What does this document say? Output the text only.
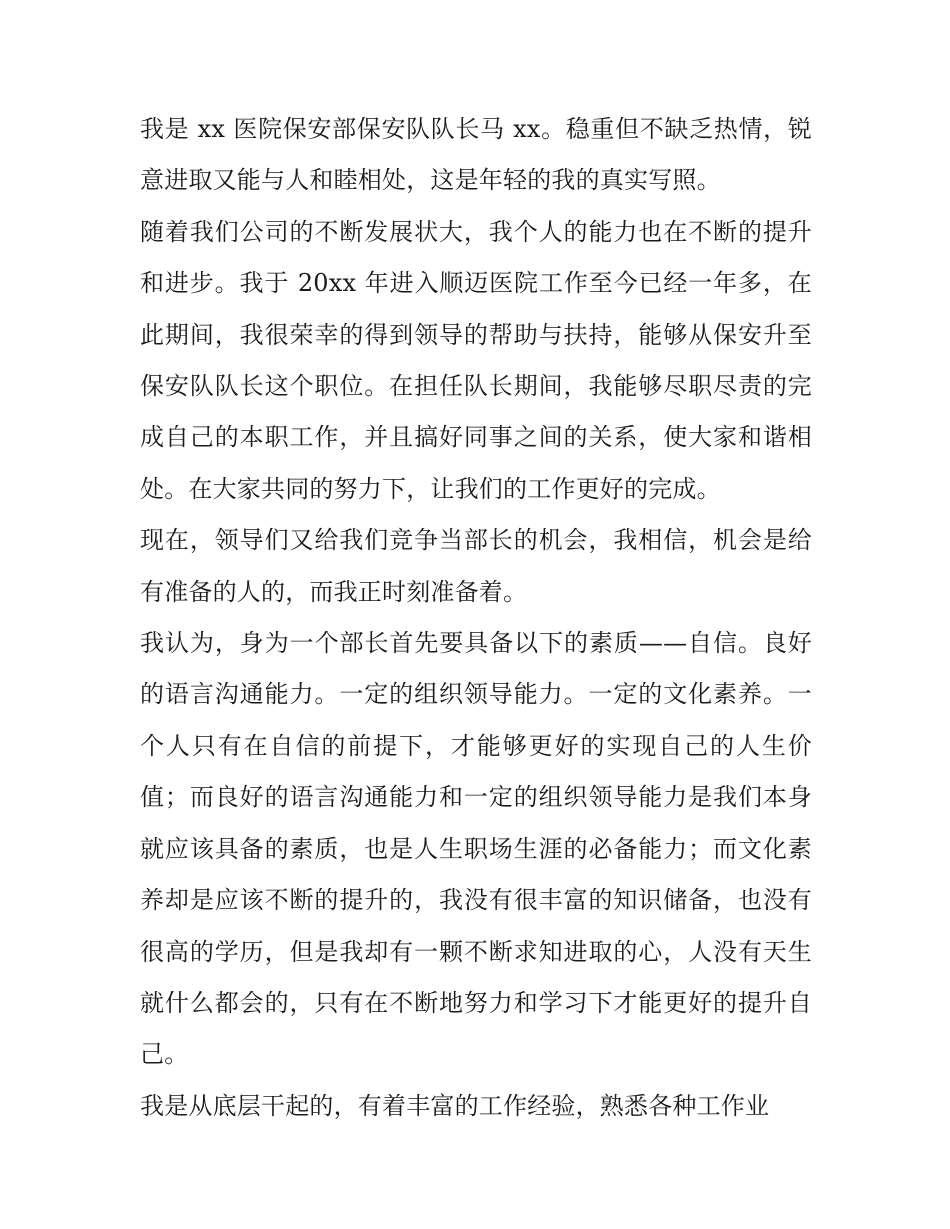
我是 xx 医院保安部保安队队长马 xx。稳重但不缺乏热情，锐意进取又能与人和睦相处，这是年轻的我的真实写照。

随着我们公司的不断发展状大，我个人的能力也在不断的提升和进步。我于 20xx 年进入顺迈医院工作至今已经一年多，在此期间，我很荣幸的得到领导的帮助与扶持，能够从保安升至保安队队长这个职位。在担任队长期间，我能够尽职尽责的完成自己的本职工作，并且搞好同事之间的关系，使大家和谐相处。在大家共同的努力下，让我们的工作更好的完成。

现在，领导们又给我们竞争当部长的机会，我相信，机会是给有准备的人的，而我正时刻准备着。

我认为，身为一个部长首先要具备以下的素质——自信。良好的语言沟通能力。一定的组织领导能力。一定的文化素养。一个人只有在自信的前提下，才能够更好的实现自己的人生价值；而良好的语言沟通能力和一定的组织领导能力是我们本身就应该具备的素质，也是人生职场生涯的必备能力；而文化素养却是应该不断的提升的，我没有很丰富的知识储备，也没有很高的学历，但是我却有一颗不断求知进取的心，人没有天生就什么都会的，只有在不断地努力和学习下才能更好的提升自己。

我是从底层干起的，有着丰富的工作经验，熟悉各种工作业
